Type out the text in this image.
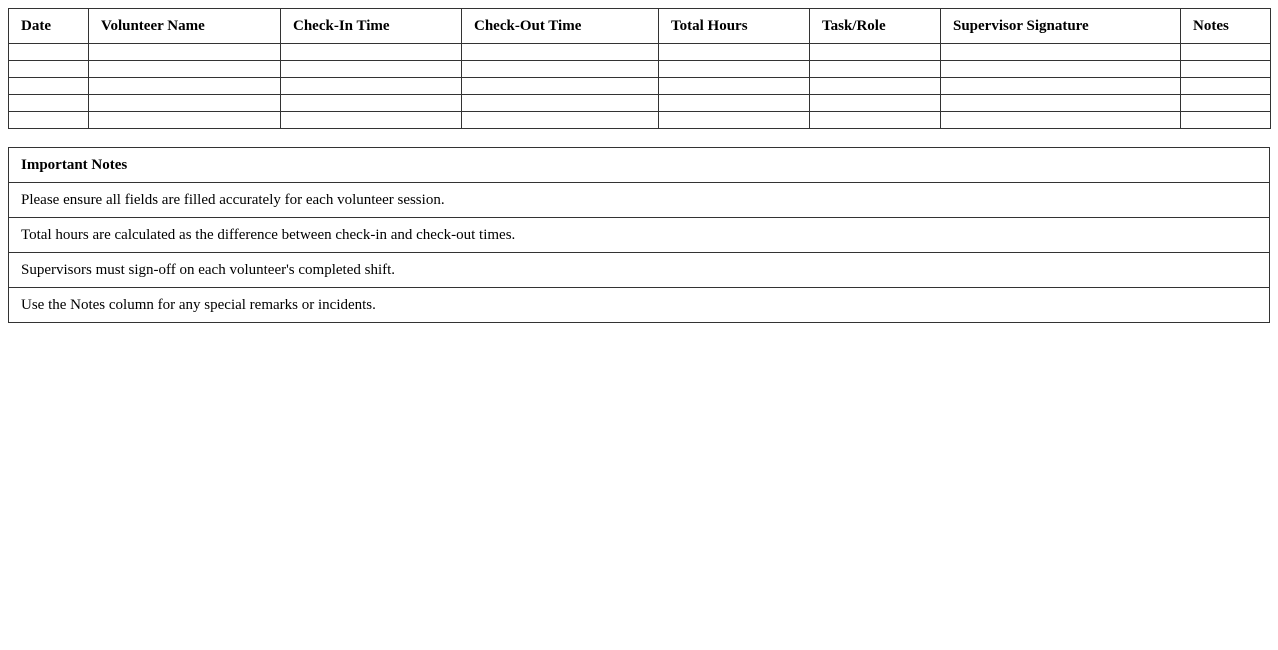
Date	Volunteer Name	Check-In Time	Check-Out Time	Total Hours	Task/Role	Supervisor Signature	Notes

Important Notes
Please ensure all fields are filled accurately for each volunteer session.
Total hours are calculated as the difference between check-in and check-out times.
Supervisors must sign-off on each volunteer's completed shift.
Use the Notes column for any special remarks or incidents.
